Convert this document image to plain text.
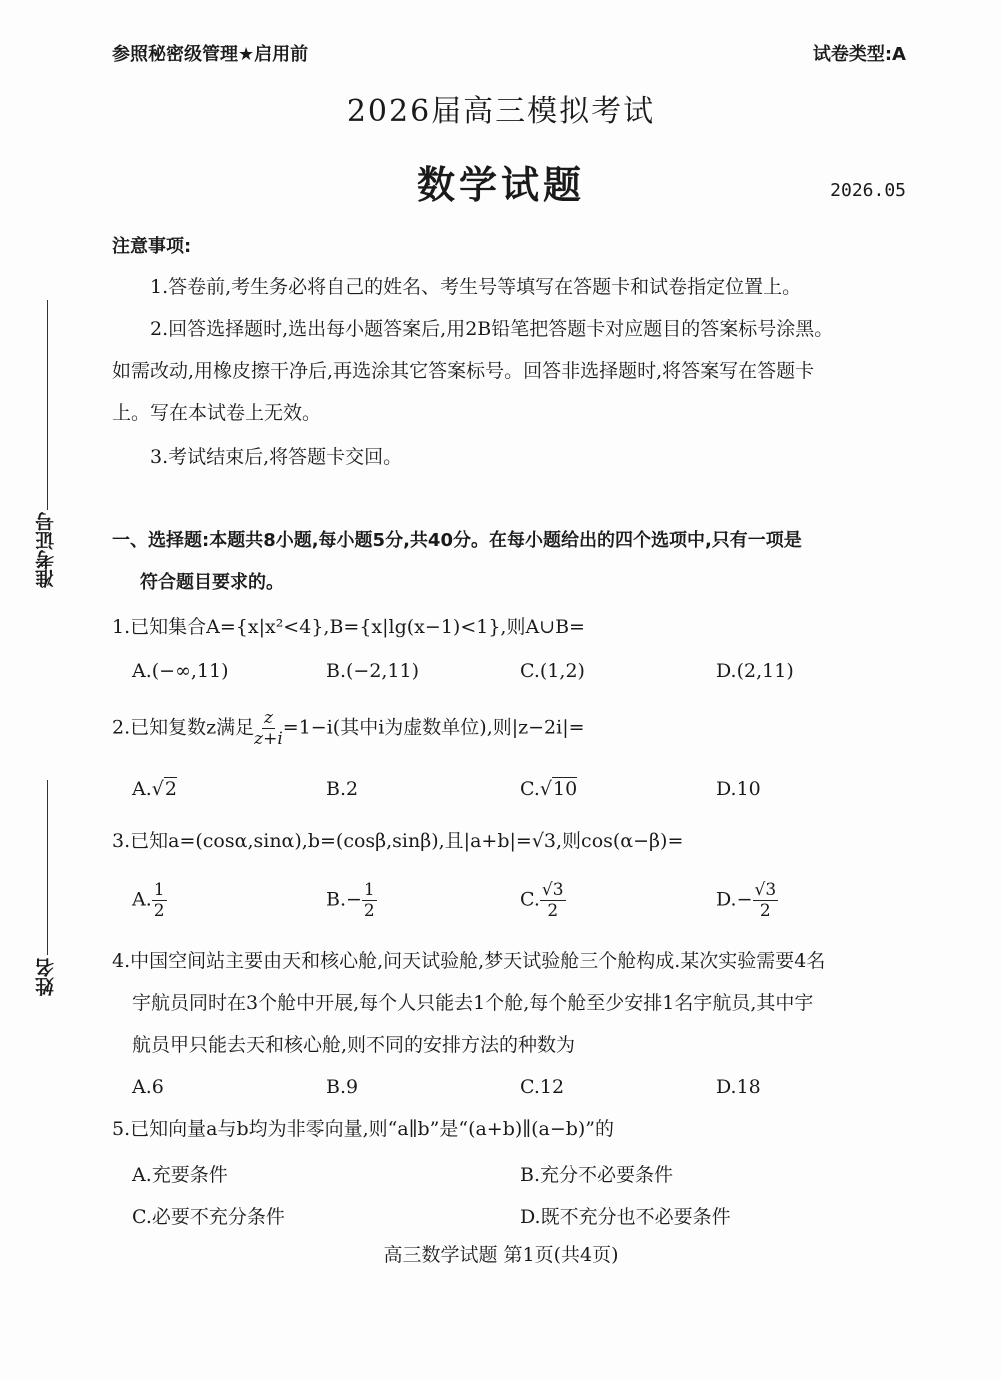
参照秘密级管理★启用前	试卷类型:A
2026届高三模拟考试
数学试题	2026.05
准考证号
姓名
注意事项:
1.答卷前,考生务必将自己的姓名、考生号等填写在答题卡和试卷指定位置上。
2.回答选择题时,选出每小题答案后,用2B铅笔把答题卡对应题目的答案标号涂黑。
如需改动,用橡皮擦干净后,再选涂其它答案标号。回答非选择题时,将答案写在答题卡
上。写在本试卷上无效。
3.考试结束后,将答题卡交回。
一、选择题:本题共8小题,每小题5分,共40分。在每小题给出的四个选项中,只有一项是
符合题目要求的。
1.已知集合A={x|x²<4},B={x|lg(x−1)<1},则A∪B=
A.(−∞,11)	B.(−2,11)	C.(1,2)	D.(2,11)
2.已知复数z满足 $\frac{z}{z+i} =1-i$(其中i为虚数单位),则|z−2i|=
A.√2	B.2	C.√10	D.10
3.已知a=(cosα,sinα),b=(cosβ,sinβ),且|a+b|=√3,则cos(α−β)=
A. $\frac{1}{2}$	$B.- \frac{1}{2}$	C. $\frac{√3}{2}$	$D.- \frac{√3}{2}$
4.中国空间站主要由天和核心舱,问天试验舱,梦天试验舱三个舱构成.某次实验需要4名
宇航员同时在3个舱中开展,每个人只能去1个舱,每个舱至少安排1名宇航员,其中宇
航员甲只能去天和核心舱,则不同的安排方法的种数为
A.6	B.9	C.12	D.18
5.已知向量a与b均为非零向量,则“a∥b”是“(a+b)∥(a−b)”的
A.充要条件	B.充分不必要条件
C.必要不充分条件	D.既不充分也不必要条件
高三数学试题 第1页(共4页)
